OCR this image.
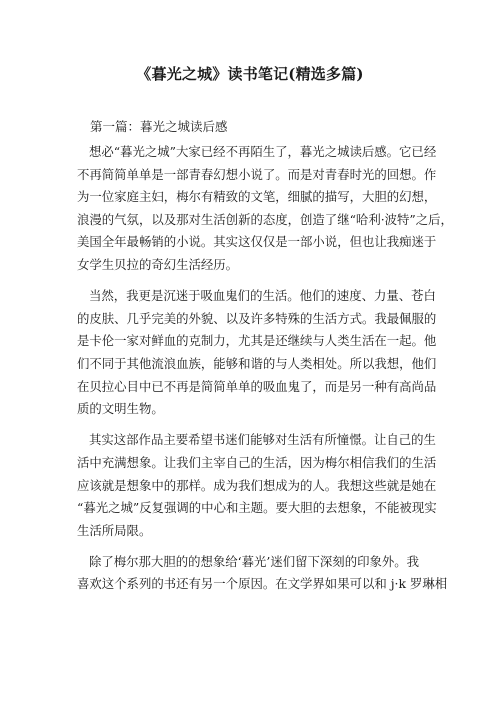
《暮光之城》读书笔记(精选多篇)
第一篇：暮光之城读后感

想必“暮光之城”大家已经不再陌生了，暮光之城读后感。它已经
不再简简单单是一部青春幻想小说了。而是对青春时光的回想。作
为一位家庭主妇，梅尔有精致的文笔，细腻的描写，大胆的幻想，
浪漫的气氛，以及那对生活创新的态度，创造了继“哈利·波特”之后，
美国全年最畅销的小说。其实这仅仅是一部小说，但也让我痴迷于
女学生贝拉的奇幻生活经历。

当然，我更是沉迷于吸血鬼们的生活。他们的速度、力量、苍白
的皮肤、几乎完美的外貌、以及许多特殊的生活方式。我最佩服的
是卡伦一家对鲜血的克制力，尤其是还继续与人类生活在一起。他
们不同于其他流浪血族，能够和谐的与人类相处。所以我想，他们
在贝拉心目中已不再是简简单单的吸血鬼了，而是另一种有高尚品
质的文明生物。

其实这部作品主要希望书迷们能够对生活有所憧憬。让自己的生
活中充满想象。让我们主宰自己的生活，因为梅尔相信我们的生活
应该就是想象中的那样。成为我们想成为的人。我想这些就是她在
“暮光之城”反复强调的中心和主题。要大胆的去想象，不能被现实
生活所局限。

除了梅尔那大胆的的想象给‘暮光’迷们留下深刻的印象外。我
喜欢这个系列的书还有另一个原因。在文学界如果可以和 j·k 罗琳相
